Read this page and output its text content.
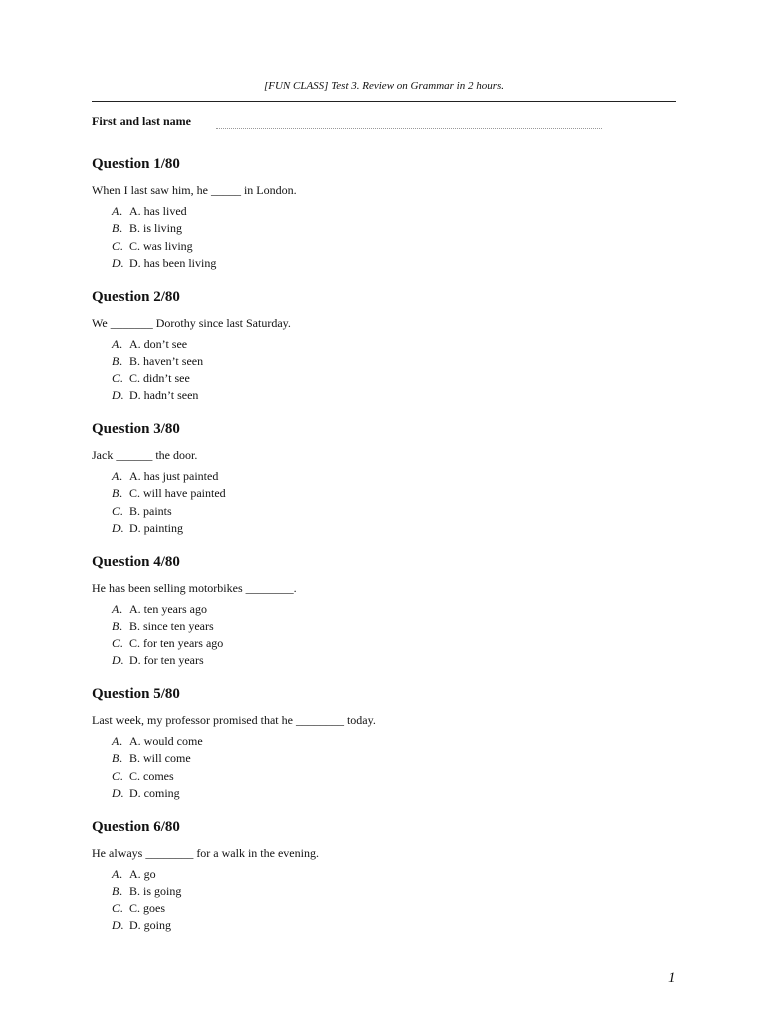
[FUN CLASS] Test 3. Review on Grammar in 2 hours.
First and last name
Question 1/80
When I last saw him, he _____ in London.
A. A. has lived
B. B. is living
C. C. was living
D. D. has been living
Question 2/80
We _______ Dorothy since last Saturday.
A. A. don’t see
B. B. haven’t seen
C. C. didn’t see
D. D. hadn’t seen
Question 3/80
Jack ______ the door.
A. A. has just painted
B. C. will have painted
C. B. paints
D. D. painting
Question 4/80
He has been selling motorbikes ________.
A. A. ten years ago
B. B. since ten years
C. C. for ten years ago
D. D. for ten years
Question 5/80
Last week, my professor promised that he ________ today.
A. A. would come
B. B. will come
C. C. comes
D. D. coming
Question 6/80
He always ________ for a walk in the evening.
A. A. go
B. B. is going
C. C. goes
D. D. going
1
